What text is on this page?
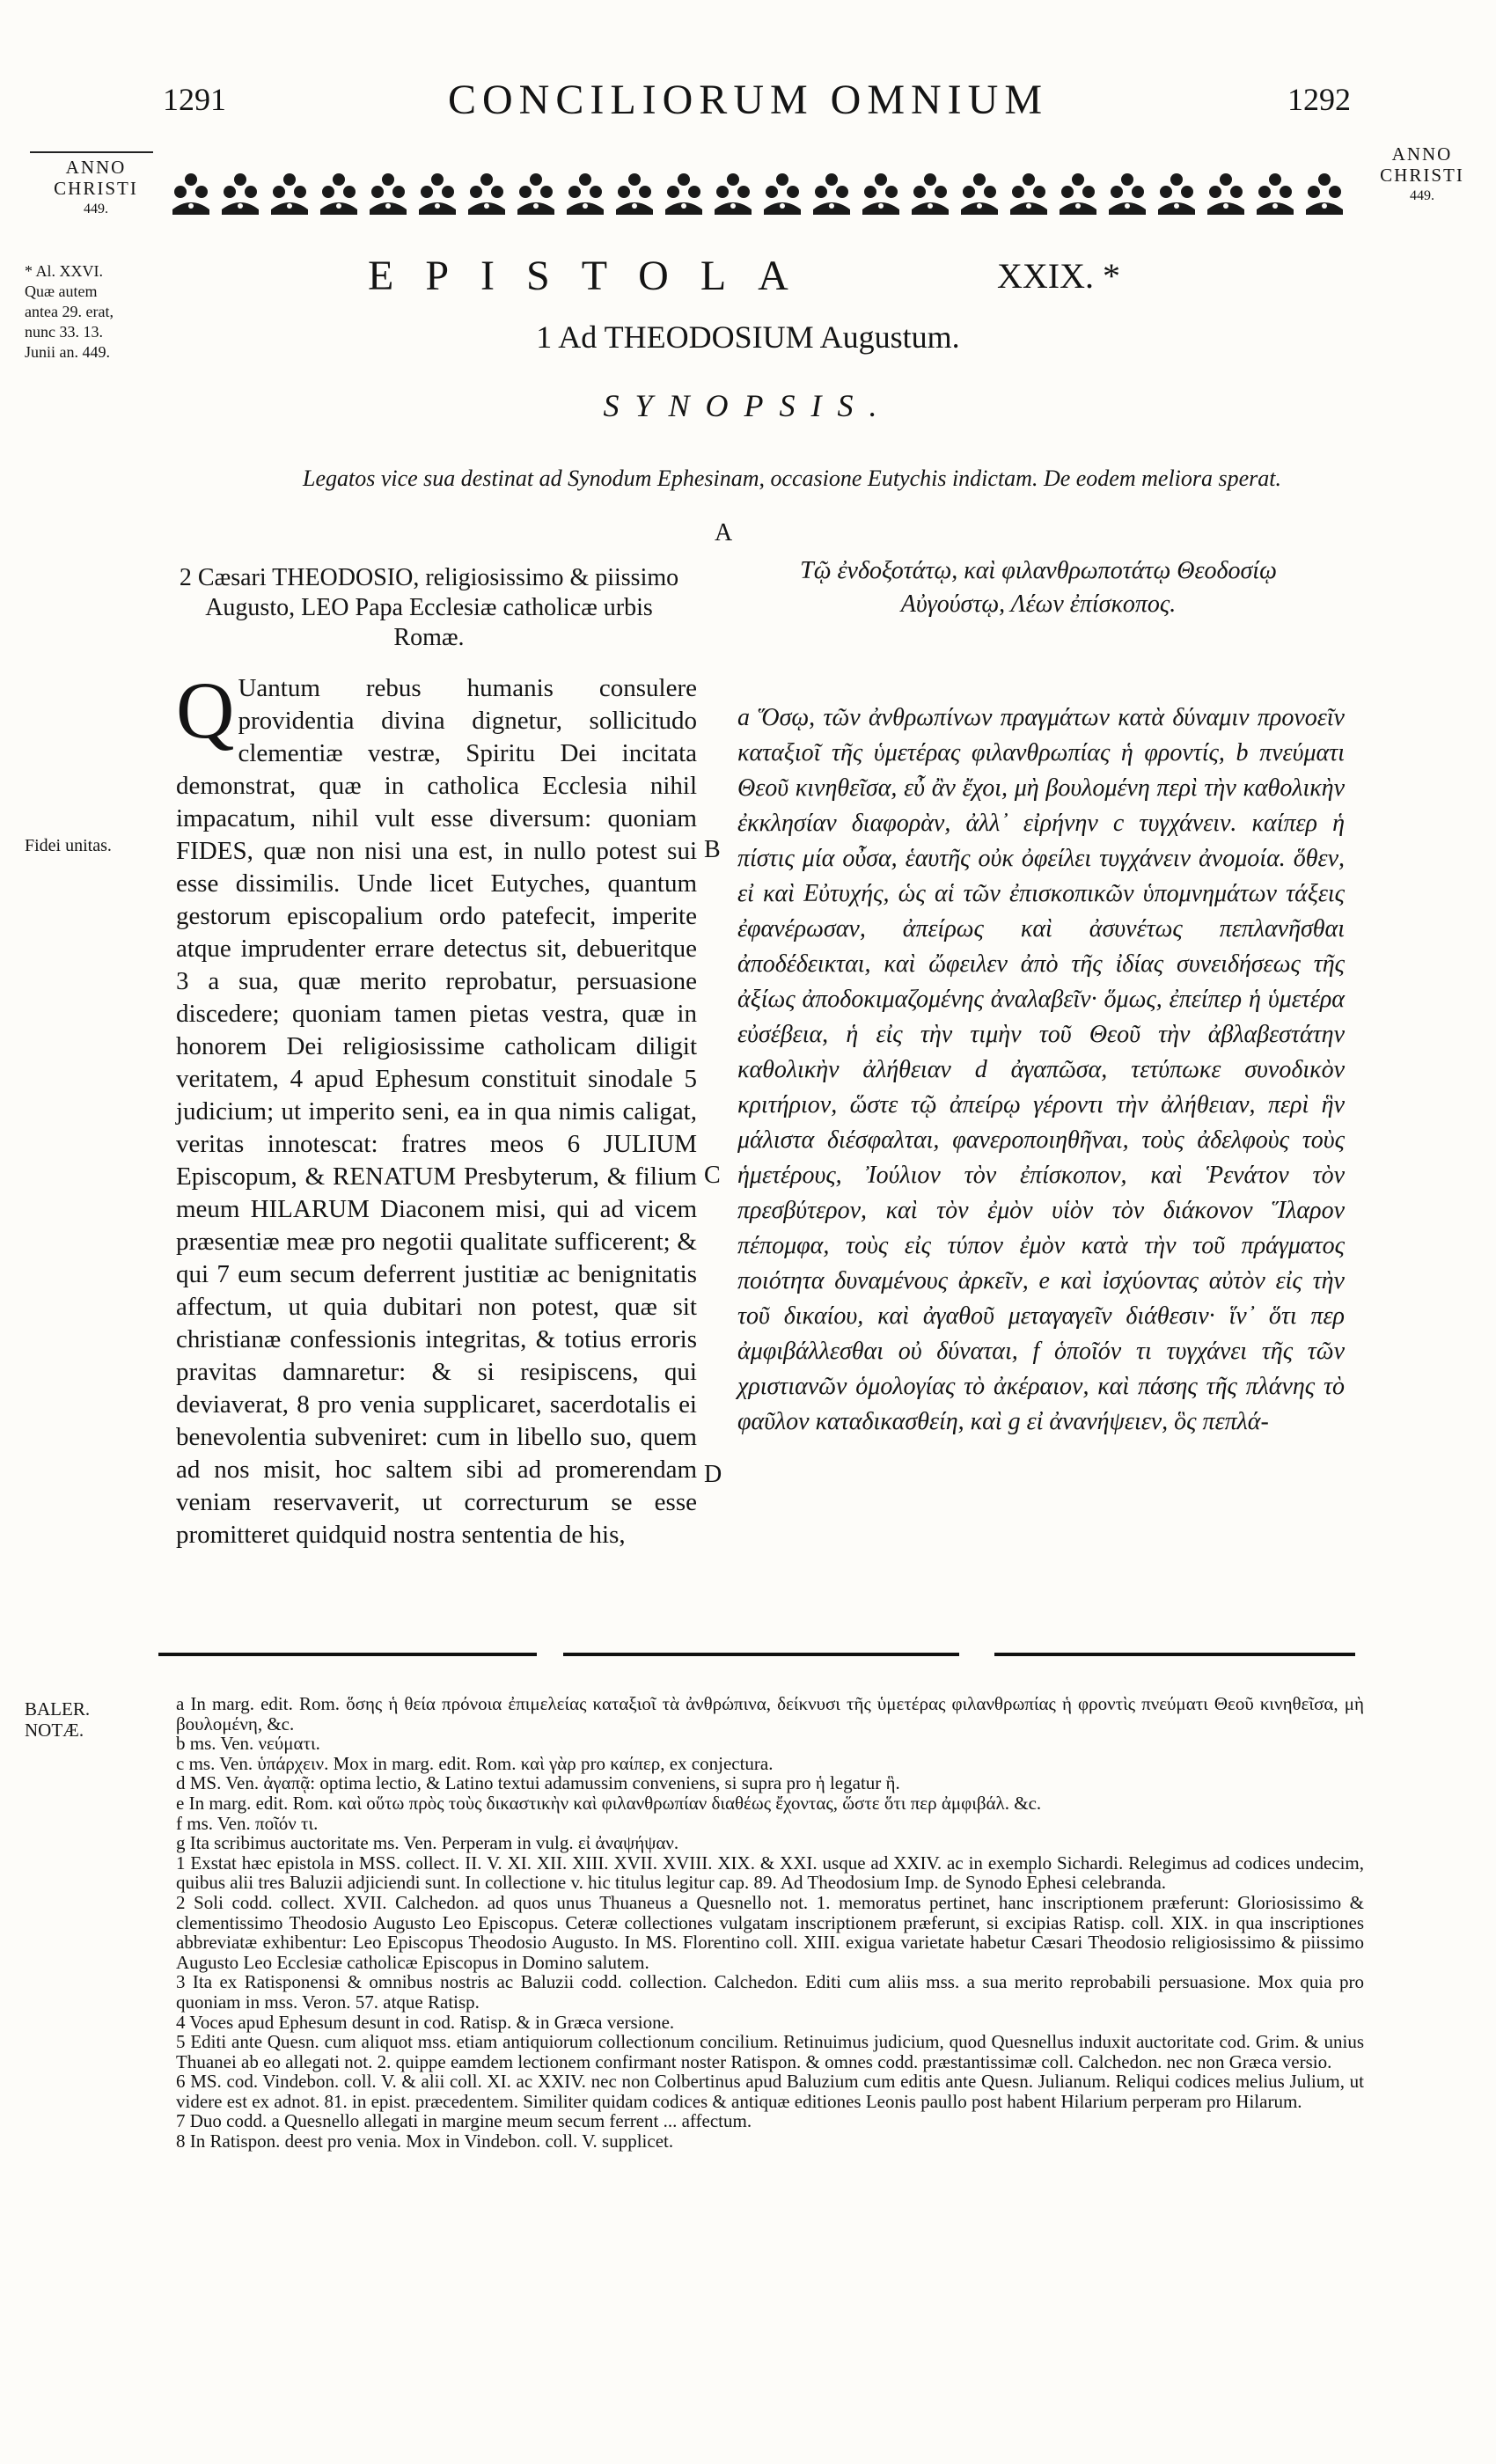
1291	CONCILIORUM OMNIUM	1292
ANNO
CHRISTI
449.
ANNO
CHRISTI
449.
* Al. XXVI. Quæ autem antea 29. erat, nunc 33. 13. Junii an. 449.
EPISTOLA	XXIX. *
1 Ad THEODOSIUM Augustum.
SYNOPSIS.
Legatos vice sua destinat ad Synodum Ephesinam, occasione Eutychis indictam. De eodem meliora sperat.
A
B
C
D
2 Cæsari THEODOSIO, religiosissimo & piissimo Augusto, LEO Papa Ecclesiæ catholicæ urbis Romæ.
Τῷ ἐνδοξοτάτῳ, καὶ φιλανθρωποτάτῳ Θεοδοσίῳ Αὐγούστῳ, Λέων ἐπίσκοπος.
Fidei unitas.
Q Uantum rebus humanis consulere providentia divina dignetur, sollicitudo clementiæ vestræ, Spiritu Dei incitata demonstrat, quæ in catholica Ecclesia nihil impacatum, nihil vult esse diversum: quoniam FIDES, quæ non nisi una est, in nullo potest sui esse dissimilis. Unde licet Eutyches, quantum gestorum episcopalium ordo patefecit, imperite atque imprudenter errare detectus sit, debueritque 3 a sua, quæ merito reprobatur, persuasione discedere; quoniam tamen pietas vestra, quæ in honorem Dei religiosissime catholicam diligit veritatem, 4 apud Ephesum constituit sinodale 5 judicium; ut imperito seni, ea in qua nimis caligat, veritas innotescat: fratres meos 6 JULIUM Episcopum, & RENATUM Presbyterum, & filium meum HILARUM Diaconem misi, qui ad vicem præsentiæ meæ pro negotii qualitate sufficerent; & qui 7 eum secum deferrent justitiæ ac benignitatis affectum, ut quia dubitari non potest, quæ sit christianæ confessionis integritas, & totius erroris pravitas damnaretur: & si resipiscens, qui deviaverat, 8 pro venia supplicaret, sacerdotalis ei benevolentia subveniret: cum in libello suo, quem ad nos misit, hoc saltem sibi ad promerendam veniam reservaverit, ut correcturum se esse promitteret quidquid nostra sententia de his,
a Ὅσῳ, τῶν ἀνθρωπίνων πραγμάτων κατὰ δύναμιν προνοεῖν καταξιοῖ τῆς ὑμετέρας φιλανθρωπίας ἡ φροντίς, b πνεύματι Θεοῦ κινηθεῖσα, εὖ ἂν ἔχοι, μὴ βουλομένη περὶ τὴν καθολικὴν ἐκκλησίαν διαφορὰν, ἀλλ᾽ εἰρήνην c τυγχάνειν. καίπερ ἡ πίστις μία οὖσα, ἑαυτῆς οὐκ ὀφείλει τυγχάνειν ἀνομοία. ὅθεν, εἰ καὶ Εὐτυχής, ὡς αἱ τῶν ἐπισκοπικῶν ὑπομνημάτων τάξεις ἐφανέρωσαν, ἀπείρως καὶ ἀσυνέτως πεπλανῆσθαι ἀποδέδεικται, καὶ ὤφειλεν ἀπὸ τῆς ἰδίας συνειδήσεως τῆς ἀξίως ἀποδοκιμαζομένης ἀναλαβεῖν· ὅμως, ἐπείπερ ἡ ὑμετέρα εὐσέβεια, ἡ εἰς τὴν τιμὴν τοῦ Θεοῦ τὴν ἀβλαβεστάτην καθολικὴν ἀλήθειαν d ἀγαπῶσα, τετύπωκε συνοδικὸν κριτήριον, ὥστε τῷ ἀπείρῳ γέροντι τὴν ἀλήθειαν, περὶ ἣν μάλιστα διέσφαλται, φανεροποιηθῆναι, τοὺς ἀδελφοὺς τοὺς ἡμετέρους, Ἰούλιον τὸν ἐπίσκοπον, καὶ Ῥενάτον τὸν πρεσβύτερον, καὶ τὸν ἐμὸν υἱὸν τὸν διάκονον Ἵλαρον πέπομφα, τοὺς εἰς τύπον ἐμὸν κατὰ τὴν τοῦ πράγματος ποιότητα δυναμένους ἀρκεῖν, e καὶ ἰσχύοντας αὐτὸν εἰς τὴν τοῦ δικαίου, καὶ ἀγαθοῦ μεταγαγεῖν διάθεσιν· ἵν᾽ ὅτι περ ἀμφιβάλλεσθαι οὐ δύναται, f ὁποῖόν τι τυγχάνει τῆς τῶν χριστιανῶν ὁμολογίας τὸ ἀκέραιον, καὶ πάσης τῆς πλάνης τὸ φαῦλον καταδικασθείη, καὶ g εἰ ἀνανήψειεν, ὃς πεπλά-
BALER.
NOTÆ.

a In marg. edit. Rom. ὅσης ἡ θεία πρόνοια ἐπιμελείας καταξιοῖ τὰ ἀνθρώπινα, δείκνυσι τῆς ὑμετέρας φιλανθρωπίας ἡ φροντὶς πνεύματι Θεοῦ κινηθεῖσα, μὴ βουλομένη, &c.

b ms. Ven. νεύματι.

c ms. Ven. ὑπάρχειν. Mox in marg. edit. Rom. καὶ γὰρ pro καίπερ, ex conjectura.

d MS. Ven. ἀγαπᾷ: optima lectio, & Latino textui adamussim conveniens, si supra pro ἡ legatur ἣ.

e In marg. edit. Rom. καὶ οὕτω πρὸς τοὺς δικαστικὴν καὶ φιλανθρωπίαν διαθέως ἔχοντας, ὥστε ὅτι περ ἀμφιβάλ. &c.

f ms. Ven. ποῖόν τι.

g Ita scribimus auctoritate ms. Ven. Perperam in vulg. εἰ ἀναψήψαν.

1 Exstat hæc epistola in MSS. collect. II. V. XI. XII. XIII. XVII. XVIII. XIX. & XXI. usque ad XXIV. ac in exemplo Sichardi. Relegimus ad codices undecim, quibus alii tres Baluzii adjiciendi sunt. In collectione v. hic titulus legitur cap. 89. Ad Theodosium Imp. de Synodo Ephesi celebranda.

2 Soli codd. collect. XVII. Calchedon. ad quos unus Thuaneus a Quesnello not. 1. memoratus pertinet, hanc inscriptionem præferunt: Gloriosissimo & clementissimo Theodosio Augusto Leo Episcopus. Ceteræ collectiones vulgatam inscriptionem præferunt, si excipias Ratisp. coll. XIX. in qua inscriptiones abbreviatæ exhibentur: Leo Episcopus Theodosio Augusto. In MS. Florentino coll. XIII. exigua varietate habetur Cæsari Theodosio religiosissimo & piissimo Augusto Leo Ecclesiæ catholicæ Episcopus in Domino salutem.

3 Ita ex Ratisponensi & omnibus nostris ac Baluzii codd. collection. Calchedon. Editi cum aliis mss. a sua merito reprobabili persuasione. Mox quia pro quoniam in mss. Veron. 57. atque Ratisp.

4 Voces apud Ephesum desunt in cod. Ratisp. & in Græca versione.

5 Editi ante Quesn. cum aliquot mss. etiam antiquiorum collectionum concilium. Retinuimus judicium, quod Quesnellus induxit auctoritate cod. Grim. & unius Thuanei ab eo allegati not. 2. quippe eamdem lectionem confirmant noster Ratispon. & omnes codd. præstantissimæ coll. Calchedon. nec non Græca versio.

6 MS. cod. Vindebon. coll. V. & alii coll. XI. ac XXIV. nec non Colbertinus apud Baluzium cum editis ante Quesn. Julianum. Reliqui codices melius Julium, ut videre est ex adnot. 81. in epist. præcedentem. Similiter quidam codices & antiquæ editiones Leonis paullo post habent Hilarium perperam pro Hilarum.

7 Duo codd. a Quesnello allegati in margine meum secum ferrent ... affectum.

8 In Ratispon. deest pro venia. Mox in Vindebon. coll. V. supplicet.
